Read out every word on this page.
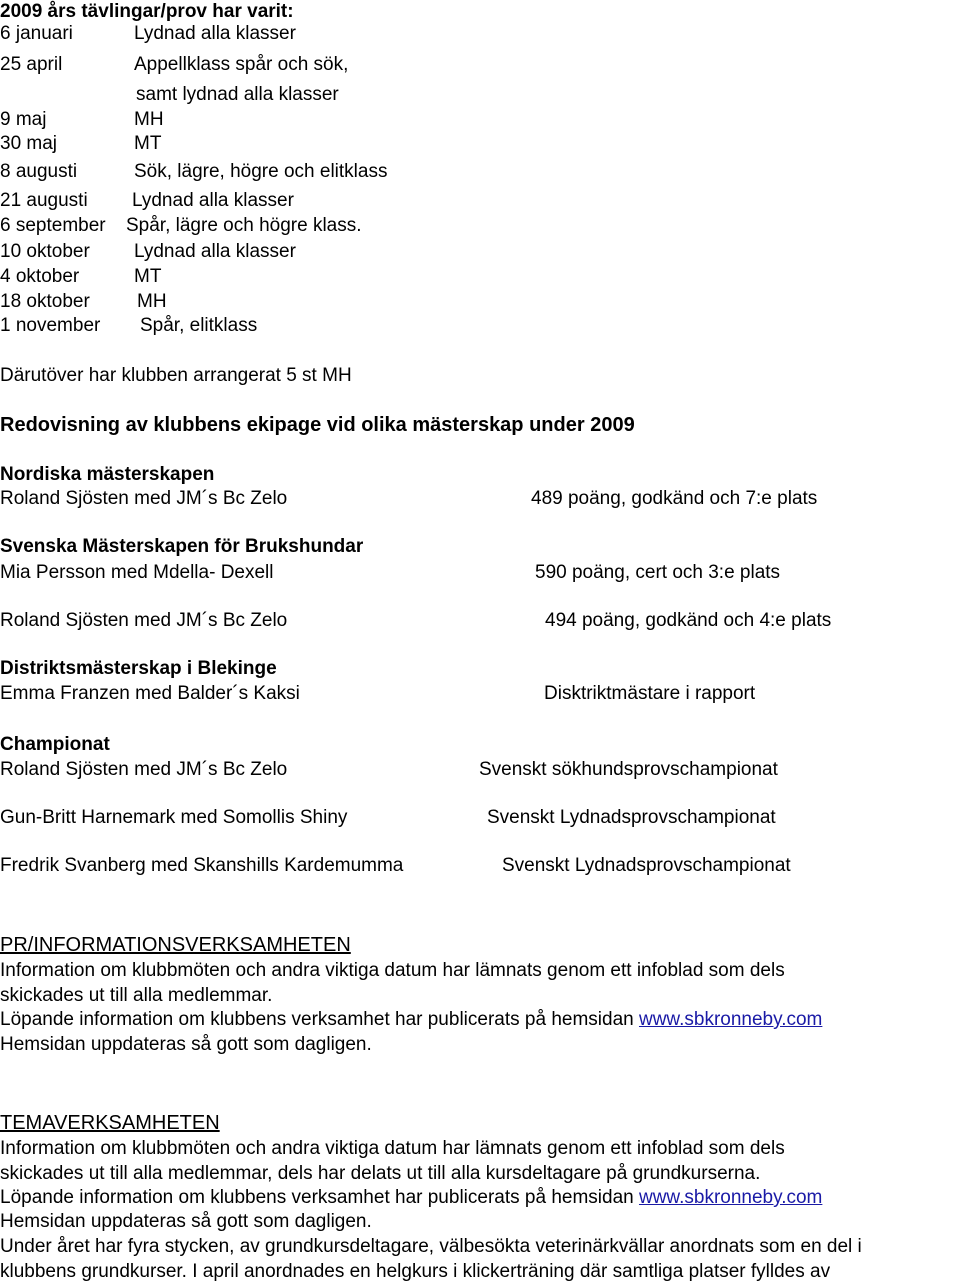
2009 års tävlingar/prov har varit:
6 januari	Lydnad alla klasser
25 april	Appellklass spår och sök,
samt lydnad alla klasser
9 maj	MH
30 maj	MT
8 augusti	Sök, lägre, högre och elitklass
21 augusti Lydnad alla klasser
6 september Spår, lägre och högre klass.
10 oktober Lydnad alla klasser
4 oktober	MT
18 oktober MH
1 november Spår, elitklass
Därutöver har klubben arrangerat 5 st MH
Redovisning av klubbens ekipage vid olika mästerskap under 2009
Nordiska mästerskapen
Roland Sjösten med JM´s Bc Zelo	489 poäng, godkänd och 7:e plats
Svenska Mästerskapen för Brukshundar
Mia Persson med Mdella- Dexell	590 poäng, cert och 3:e plats
Roland Sjösten med JM´s Bc Zelo	494 poäng, godkänd och 4:e plats
Distriktsmästerskap i Blekinge
Emma Franzen med Balder´s Kaksi	Disktriktmästare i rapport
Championat
Roland Sjösten med JM´s Bc Zelo	Svenskt sökhundsprovschampionat
Gun-Britt Harnemark med Somollis Shiny	Svenskt Lydnadsprovschampionat
Fredrik Svanberg med Skanshills Kardemumma	Svenskt Lydnadsprovschampionat
PR/INFORMATIONSVERKSAMHETEN
Information om klubbmöten och andra viktiga datum har lämnats genom ett infoblad som dels
skickades ut till alla medlemmar.
Löpande information om klubbens verksamhet har publicerats på hemsidan www.sbkronneby.com
Hemsidan uppdateras så gott som dagligen.
TEMAVERKSAMHETEN
Information om klubbmöten och andra viktiga datum har lämnats genom ett infoblad som dels
skickades ut till alla medlemmar, dels har delats ut till alla kursdeltagare på grundkurserna.
Löpande information om klubbens verksamhet har publicerats på hemsidan www.sbkronneby.com
Hemsidan uppdateras så gott som dagligen.
Under året har fyra stycken, av grundkursdeltagare, välbesökta veterinärkvällar anordnats som en del i
klubbens grundkurser. I april anordnades en helgkurs i klickerträning där samtliga platser fylldes av
